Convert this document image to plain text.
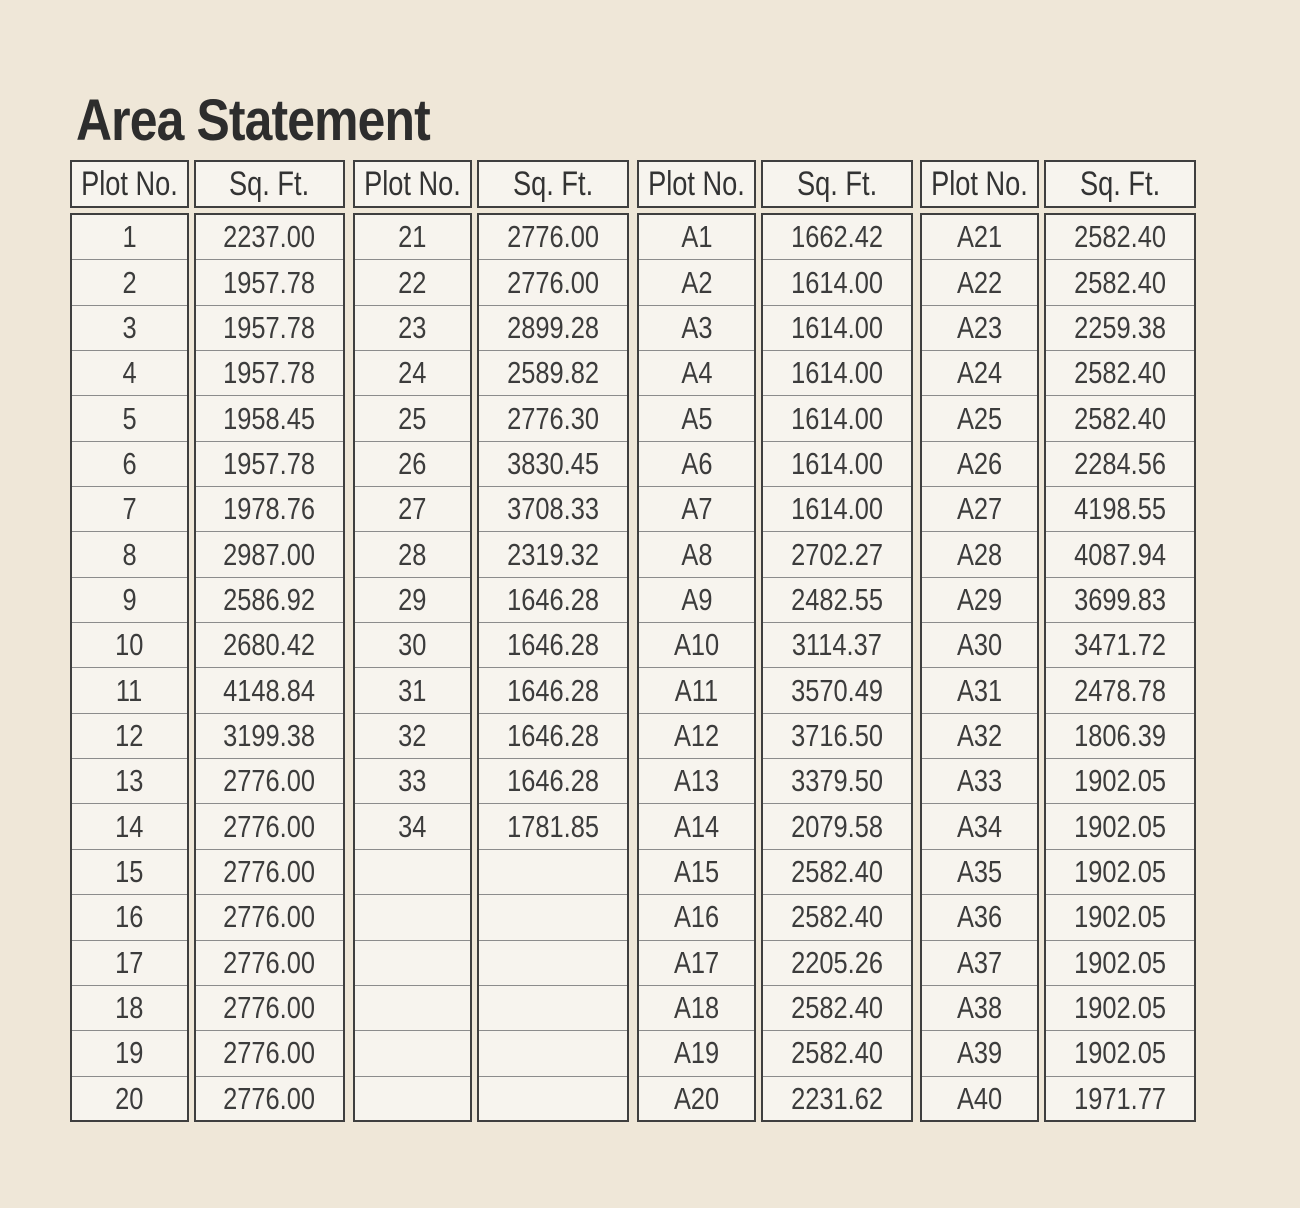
Area Statement
Plot No. Sq. Ft.
1
2
3
4
5
6
7
8
9
10
11
12
13
14
15
16
17
18
19
20
2237.00
1957.78
1957.78
1957.78
1958.45
1957.78
1978.76
2987.00
2586.92
2680.42
4148.84
3199.38
2776.00
2776.00
2776.00
2776.00
2776.00
2776.00
2776.00
2776.00
Plot No. Sq. Ft.
21
22
23
24
25
26
27
28
29
30
31
32
33
34
2776.00
2776.00
2899.28
2589.82
2776.30
3830.45
3708.33
2319.32
1646.28
1646.28
1646.28
1646.28
1646.28
1781.85
Plot No. Sq. Ft.
A1
A2
A3
A4
A5
A6
A7
A8
A9
A10
A11
A12
A13
A14
A15
A16
A17
A18
A19
A20
1662.42
1614.00
1614.00
1614.00
1614.00
1614.00
1614.00
2702.27
2482.55
3114.37
3570.49
3716.50
3379.50
2079.58
2582.40
2582.40
2205.26
2582.40
2582.40
2231.62
Plot No. Sq. Ft.
A21
A22
A23
A24
A25
A26
A27
A28
A29
A30
A31
A32
A33
A34
A35
A36
A37
A38
A39
A40
2582.40
2582.40
2259.38
2582.40
2582.40
2284.56
4198.55
4087.94
3699.83
3471.72
2478.78
1806.39
1902.05
1902.05
1902.05
1902.05
1902.05
1902.05
1902.05
1971.77
